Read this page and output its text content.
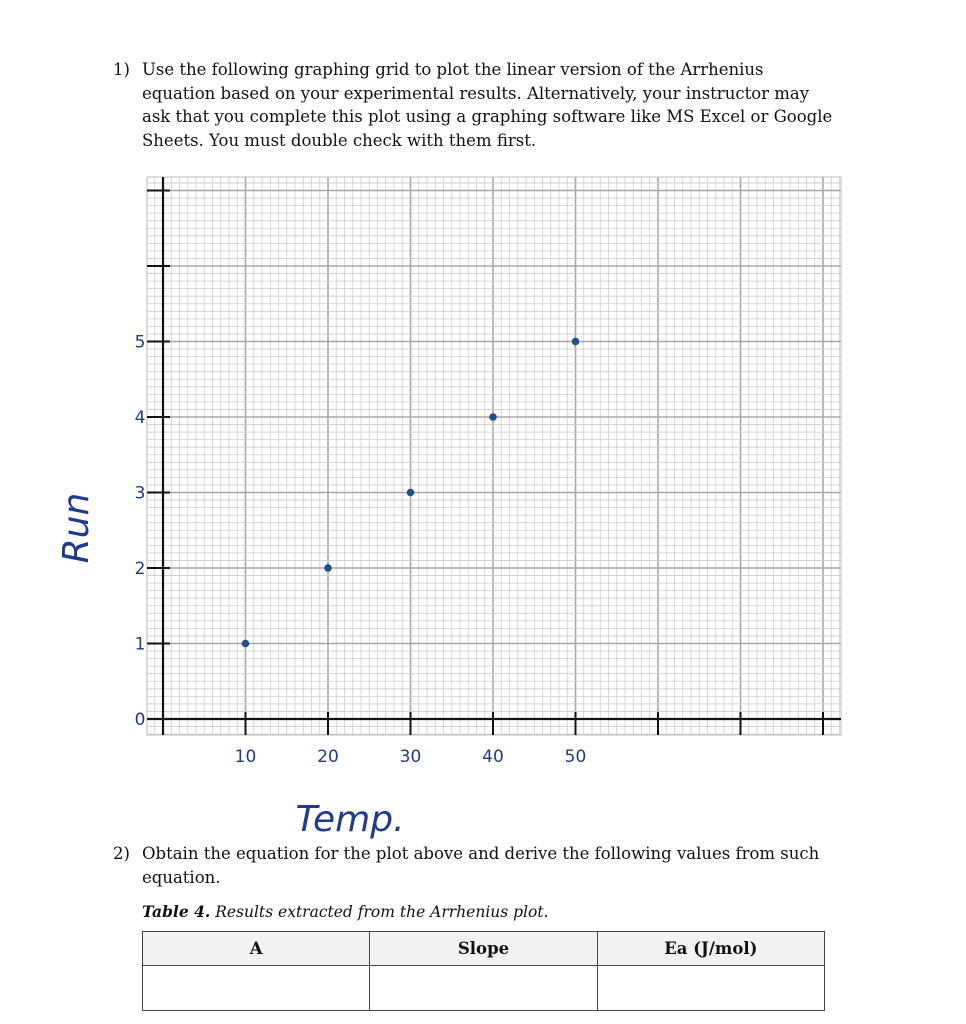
1) Use the following graphing grid to plot the linear version of the Arrhenius equation based on your experimental results. Alternatively, your instructor may ask that you complete this plot using a graphing software like MS Excel or Google Sheets. You must double check with them first.
10	20	30	40	50
0
1
2
3
4
5
Temp.
Run
2) Obtain the equation for the plot above and derive the following values from such equation.
Table 4. Results extracted from the Arrhenius plot.
A	Slope	Ea (J/mol)
